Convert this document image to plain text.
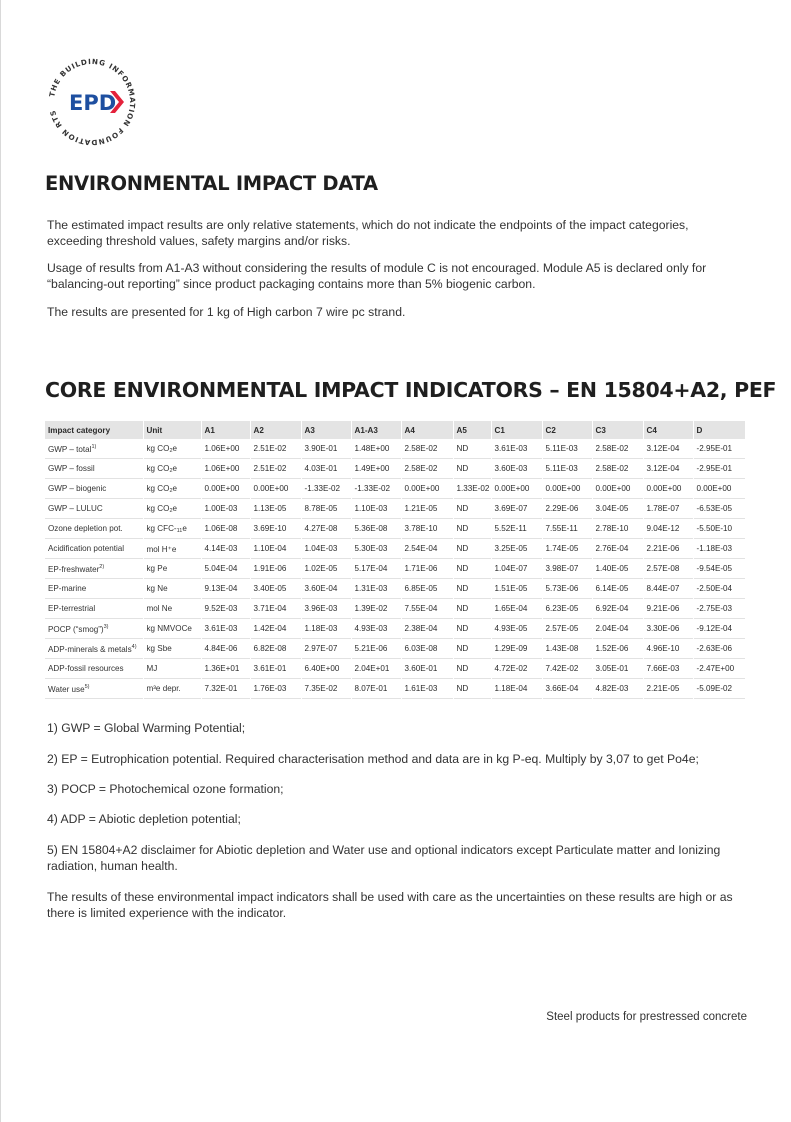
THE BUILDING INFORMATION FOUNDATION RTS EPD
ENVIRONMENTAL IMPACT DATA

The estimated impact results are only relative statements, which do not indicate the endpoints of the impact categories, exceeding threshold values, safety margins and/or risks.

Usage of results from A1-A3 without considering the results of module C is not encouraged. Module A5 is declared only for “balancing-out reporting” since product packaging contains more than 5% biogenic carbon.

The results are presented for 1 kg of High carbon 7 wire pc strand.

CORE ENVIRONMENTAL IMPACT INDICATORS – EN 15804+A2, PEF
Impact category	Unit	A1	A2	A3	A1-A3	A4	A5	C1	C2	C3	C4	D
GWP – total$^{1)}$	kg $CO_2e$	1.06E+00	2.51E-02	3.90E-01	1.48E+00	2.58E-02	ND	3.61E-03	5.11E-03	2.58E-02	3.12E-04	-2.95E-01
GWP – fossil	kg $CO_2e$	1.06E+00	2.51E-02	4.03E-01	1.49E+00	2.58E-02	ND	3.60E-03	5.11E-03	2.58E-02	3.12E-04	-2.95E-01
GWP – biogenic	kg $CO_2e$	0.00E+00	0.00E+00	-1.33E-02	-1.33E-02	0.00E+00	1.33E-02	0.00E+00	0.00E+00	0.00E+00	0.00E+00	0.00E+00
GWP – LULUC	kg $CO_2e$	1.00E-03	1.13E-05	8.78E-05	1.10E-03	1.21E-05	ND	3.69E-07	2.29E-06	3.04E-05	1.78E-07	-6.53E-05
Ozone depletion pot.	kg CFC-$_{11}e$	1.06E-08	3.69E-10	4.27E-08	5.36E-08	3.78E-10	ND	5.52E-11	7.55E-11	2.78E-10	9.04E-12	-5.50E-10
Acidification potential	mol H⁺e	4.14E-03	1.10E-04	1.04E-03	5.30E-03	2.54E-04	ND	3.25E-05	1.74E-05	2.76E-04	2.21E-06	-1.18E-03
EP-freshwater$^{2)}$	kg Pe	5.04E-04	1.91E-06	1.02E-05	5.17E-04	1.71E-06	ND	1.04E-07	3.98E-07	1.40E-05	2.57E-08	-9.54E-05
EP-marine	kg Ne	9.13E-04	3.40E-05	3.60E-04	1.31E-03	6.85E-05	ND	1.51E-05	5.73E-06	6.14E-05	8.44E-07	-2.50E-04
EP-terrestrial	mol Ne	9.52E-03	3.71E-04	3.96E-03	1.39E-02	7.55E-04	ND	1.65E-04	6.23E-05	6.92E-04	9.21E-06	-2.75E-03
POCP (“smog”)$^{3)}$	kg NMVOCe	3.61E-03	1.42E-04	1.18E-03	4.93E-03	2.38E-04	ND	4.93E-05	2.57E-05	2.04E-04	3.30E-06	-9.12E-04
ADP-minerals & metals$^{4)}$	kg Sbe	4.84E-06	6.82E-08	2.97E-07	5.21E-06	6.03E-08	ND	1.29E-09	1.43E-08	1.52E-06	4.96E-10	-2.63E-06
ADP-fossil resources	MJ	1.36E+01	3.61E-01	6.40E+00	2.04E+01	3.60E-01	ND	4.72E-02	7.42E-02	3.05E-01	7.66E-03	-2.47E+00
Water use$^{5)}$	m³e depr.	7.32E-01	1.76E-03	7.35E-02	8.07E-01	1.61E-03	ND	1.18E-04	3.66E-04	4.82E-03	2.21E-05	-5.09E-02

1) GWP = Global Warming Potential;

2) EP = Eutrophication potential. Required characterisation method and data are in kg P-eq. Multiply by 3,07 to get Po4e;

3) POCP = Photochemical ozone formation;

4) ADP = Abiotic depletion potential;

5) EN 15804+A2 disclaimer for Abiotic depletion and Water use and optional indicators except Particulate matter and Ionizing radiation, human health.

The results of these environmental impact indicators shall be used with care as the uncertainties on these results are high or as there is limited experience with the indicator.

Steel products for prestressed concrete
